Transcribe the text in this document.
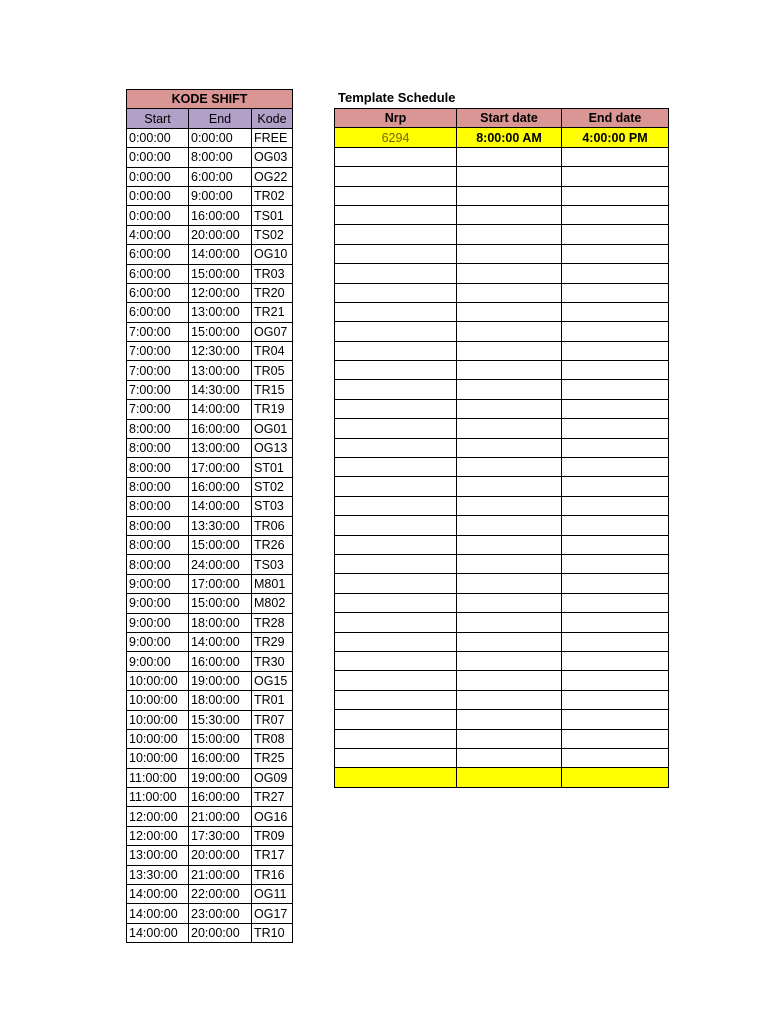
KODE SHIFT		
Start	End	Kode
0:00:00	0:00:00	FREE
0:00:00	8:00:00	OG03
0:00:00	6:00:00	OG22
0:00:00	9:00:00	TR02
0:00:00	16:00:00	TS01
4:00:00	20:00:00	TS02
6:00:00	14:00:00	OG10
6:00:00	15:00:00	TR03
6:00:00	12:00:00	TR20
6:00:00	13:00:00	TR21
7:00:00	15:00:00	OG07
7:00:00	12:30:00	TR04
7:00:00	13:00:00	TR05
7:00:00	14:30:00	TR15
7:00:00	14:00:00	TR19
8:00:00	16:00:00	OG01
8:00:00	13:00:00	OG13
8:00:00	17:00:00	ST01
8:00:00	16:00:00	ST02
8:00:00	14:00:00	ST03
8:00:00	13:30:00	TR06
8:00:00	15:00:00	TR26
8:00:00	24:00:00	TS03
9:00:00	17:00:00	M801
9:00:00	15:00:00	M802
9:00:00	18:00:00	TR28
9:00:00	14:00:00	TR29
9:00:00	16:00:00	TR30
10:00:00	19:00:00	OG15
10:00:00	18:00:00	TR01
10:00:00	15:30:00	TR07
10:00:00	15:00:00	TR08
10:00:00	16:00:00	TR25
11:00:00	19:00:00	OG09
11:00:00	16:00:00	TR27
12:00:00	21:00:00	OG16
12:00:00	17:30:00	TR09
13:00:00	20:00:00	TR17
13:30:00	21:00:00	TR16
14:00:00	22:00:00	OG11
14:00:00	23:00:00	OG17
14:00:00	20:00:00	TR10
Template Schedule
Nrp	Start date	End date
6294	8:00:00 AM	4:00:00 PM
